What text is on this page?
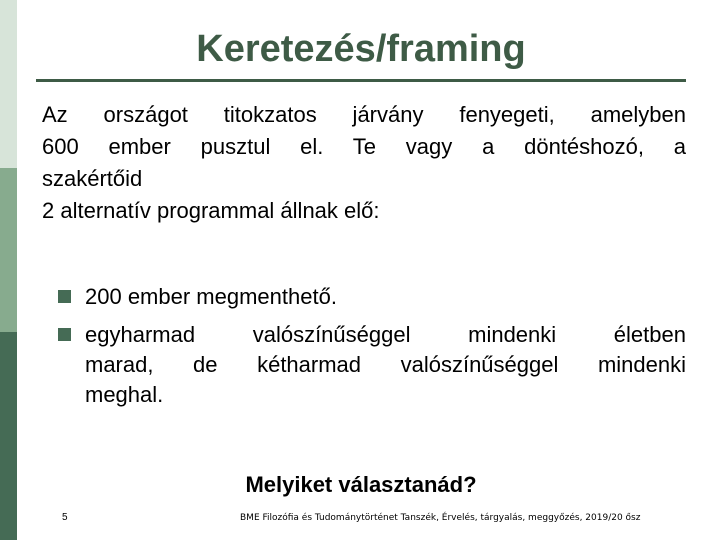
Keretezés/framing
Az országot titokzatos járvány fenyegeti, amelyben
600 ember pusztul el. Te vagy a döntéshozó, a
szakértőid
2 alternatív programmal állnak elő:
200 ember megmenthető.
egyharmad valószínűséggel mindenki életben
marad, de kétharmad valószínűséggel mindenki
meghal.
Melyiket választanád?
5	BME Filozófia és Tudománytörténet Tanszék, Érvelés, tárgyalás, meggyőzés, 2019/20 ősz
